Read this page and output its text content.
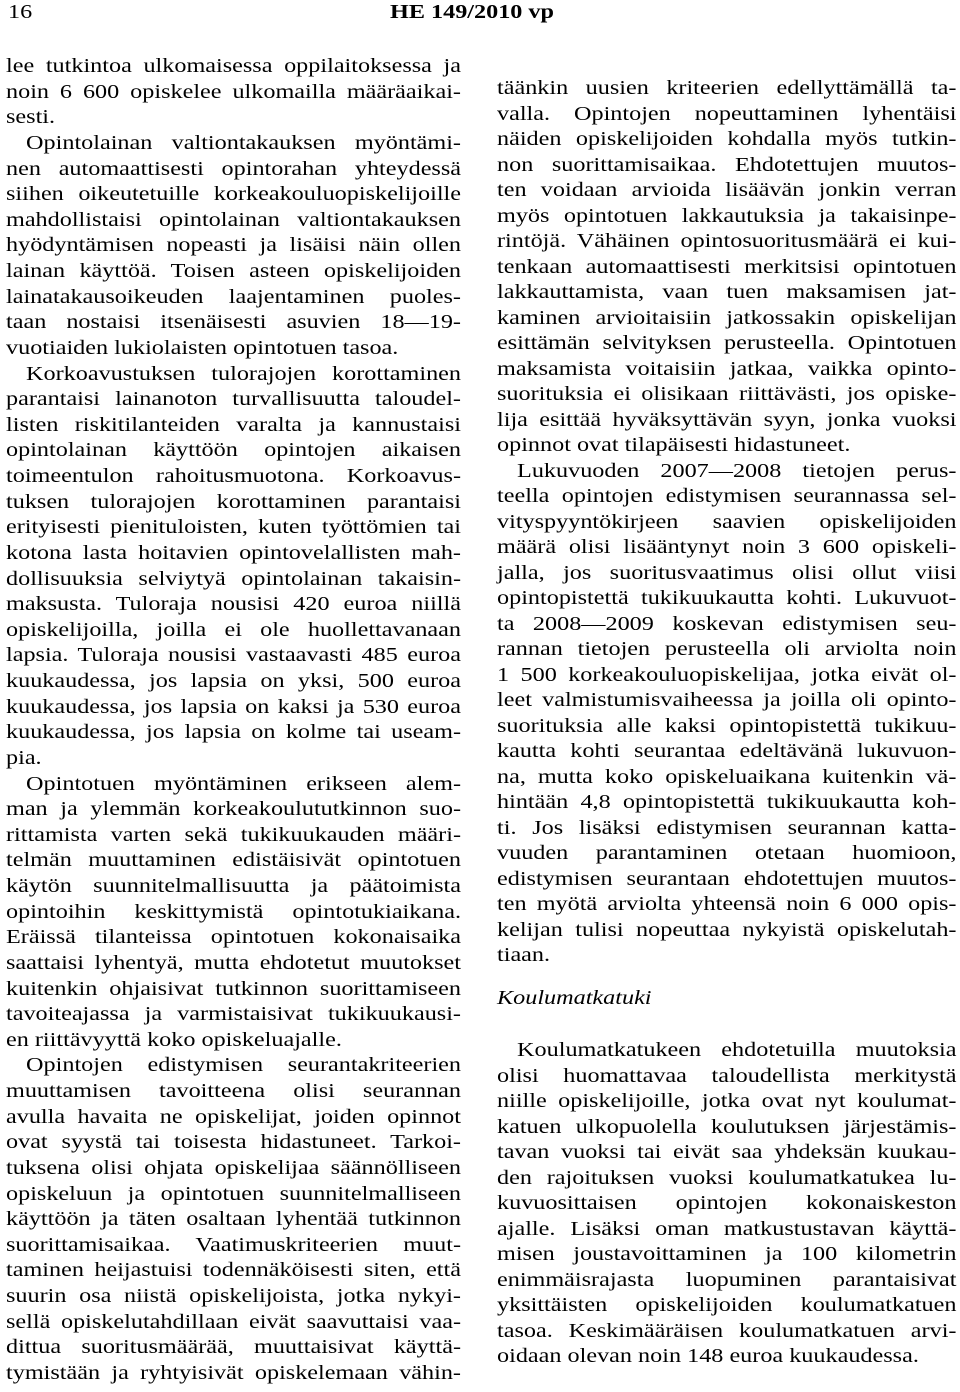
16	HE 149/2010 vp
lee tutkintoa ulkomaisessa oppilaitoksessa ja
noin 6 600 opiskelee ulkomailla määräaikai-
sesti.
Opintolainan valtiontakauksen myöntämi-
nen automaattisesti opintorahan yhteydessä
siihen oikeutetuille korkeakouluopiskelijoille
mahdollistaisi opintolainan valtiontakauksen
hyödyntämisen nopeasti ja lisäisi näin ollen
lainan käyttöä. Toisen asteen opiskelijoiden
lainatakausoikeuden laajentaminen puoles-
taan nostaisi itsenäisesti asuvien 18—19-
vuotiaiden lukiolaisten opintotuen tasoa.
Korkoavustuksen tulorajojen korottaminen
parantaisi lainanoton turvallisuutta taloudel-
listen riskitilanteiden varalta ja kannustaisi
opintolainan käyttöön opintojen aikaisen
toimeentulon rahoitusmuotona. Korkoavus-
tuksen tulorajojen korottaminen parantaisi
erityisesti pienituloisten, kuten työttömien tai
kotona lasta hoitavien opintovelallisten mah-
dollisuuksia selviytyä opintolainan takaisin-
maksusta. Tuloraja nousisi 420 euroa niillä
opiskelijoilla, joilla ei ole huollettavanaan
lapsia. Tuloraja nousisi vastaavasti 485 euroa
kuukaudessa, jos lapsia on yksi, 500 euroa
kuukaudessa, jos lapsia on kaksi ja 530 euroa
kuukaudessa, jos lapsia on kolme tai useam-
pia.
Opintotuen myöntäminen erikseen alem-
man ja ylemmän korkeakoulututkinnon suo-
rittamista varten sekä tukikuukauden määri-
telmän muuttaminen edistäisivät opintotuen
käytön suunnitelmallisuutta ja päätoimista
opintoihin keskittymistä opintotukiaikana.
Eräissä tilanteissa opintotuen kokonaisaika
saattaisi lyhentyä, mutta ehdotetut muutokset
kuitenkin ohjaisivat tutkinnon suorittamiseen
tavoiteajassa ja varmistaisivat tukikuukausi-
en riittävyyttä koko opiskeluajalle.
Opintojen edistymisen seurantakriteerien
muuttamisen tavoitteena olisi seurannan
avulla havaita ne opiskelijat, joiden opinnot
ovat syystä tai toisesta hidastuneet. Tarkoi-
tuksena olisi ohjata opiskelijaa säännölliseen
opiskeluun ja opintotuen suunnitelmalliseen
käyttöön ja täten osaltaan lyhentää tutkinnon
suorittamisaikaa. Vaatimuskriteerien muut-
taminen heijastuisi todennäköisesti siten, että
suurin osa niistä opiskelijoista, jotka nykyi-
sellä opiskelutahdillaan eivät saavuttaisi vaa-
dittua suoritusmäärää, muuttaisivat käyttä-
tymistään ja ryhtyisivät opiskelemaan vähin-
täänkin uusien kriteerien edellyttämällä ta-
valla. Opintojen nopeuttaminen lyhentäisi
näiden opiskelijoiden kohdalla myös tutkin-
non suorittamisaikaa. Ehdotettujen muutos-
ten voidaan arvioida lisäävän jonkin verran
myös opintotuen lakkautuksia ja takaisinpe-
rintöjä. Vähäinen opintosuoritusmäärä ei kui-
tenkaan automaattisesti merkitsisi opintotuen
lakkauttamista, vaan tuen maksamisen jat-
kaminen arvioitaisiin jatkossakin opiskelijan
esittämän selvityksen perusteella. Opintotuen
maksamista voitaisiin jatkaa, vaikka opinto-
suorituksia ei olisikaan riittävästi, jos opiske-
lija esittää hyväksyttävän syyn, jonka vuoksi
opinnot ovat tilapäisesti hidastuneet.
Lukuvuoden 2007—2008 tietojen perus-
teella opintojen edistymisen seurannassa sel-
vityspyyntökirjeen saavien opiskelijoiden
määrä olisi lisääntynyt noin 3 600 opiskeli-
jalla, jos suoritusvaatimus olisi ollut viisi
opintopistettä tukikuukautta kohti. Lukuvuot-
ta 2008—2009 koskevan edistymisen seu-
rannan tietojen perusteella oli arviolta noin
1 500 korkeakouluopiskelijaa, jotka eivät ol-
leet valmistumisvaiheessa ja joilla oli opinto-
suorituksia alle kaksi opintopistettä tukikuu-
kautta kohti seurantaa edeltävänä lukuvuon-
na, mutta koko opiskeluaikana kuitenkin vä-
hintään 4,8 opintopistettä tukikuukautta koh-
ti. Jos lisäksi edistymisen seurannan katta-
vuuden parantaminen otetaan huomioon,
edistymisen seurantaan ehdotettujen muutos-
ten myötä arviolta yhteensä noin 6 000 opis-
kelijan tulisi nopeuttaa nykyistä opiskelutah-
tiaan.
Koulumatkatuki
Koulumatkatukeen ehdotetuilla muutoksia
olisi huomattavaa taloudellista merkitystä
niille opiskelijoille, jotka ovat nyt koulumat-
katuen ulkopuolella koulutuksen järjestämis-
tavan vuoksi tai eivät saa yhdeksän kuukau-
den rajoituksen vuoksi koulumatkatukea lu-
kuvuosittaisen opintojen kokonaiskeston
ajalle. Lisäksi oman matkustustavan käyttä-
misen joustavoittaminen ja 100 kilometrin
enimmäisrajasta luopuminen parantaisivat
yksittäisten opiskelijoiden koulumatkatuen
tasoa. Keskimääräisen koulumatkatuen arvi-
oidaan olevan noin 148 euroa kuukaudessa.
